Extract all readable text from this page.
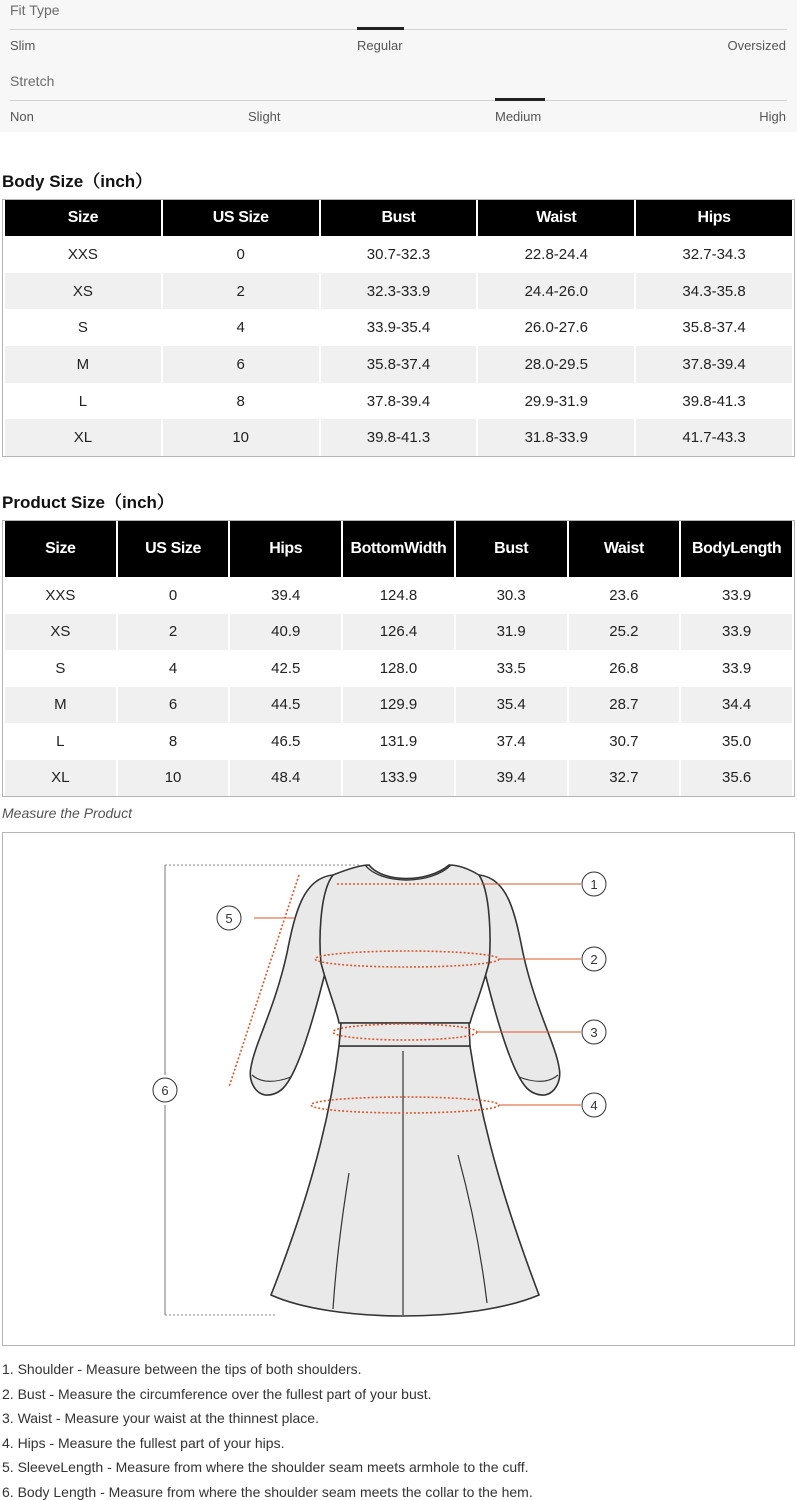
Fit Type
Slim	Regular	Oversized
Stretch
Non	Slight	Medium	High
Body Size（inch）
Size	US Size	Bust	Waist	Hips
XXS	0	30.7-32.3	22.8-24.4	32.7-34.3
XS	2	32.3-33.9	24.4-26.0	34.3-35.8
S	4	33.9-35.4	26.0-27.6	35.8-37.4
M	6	35.8-37.4	28.0-29.5	37.8-39.4
L	8	37.8-39.4	29.9-31.9	39.8-41.3
XL	10	39.8-41.3	31.8-33.9	41.7-43.3
Product Size（inch）
Size	US Size	Hips	BottomWidth	Bust	Waist	BodyLength
XXS	0	39.4	124.8	30.3	23.6	33.9
XS	2	40.9	126.4	31.9	25.2	33.9
S	4	42.5	128.0	33.5	26.8	33.9
M	6	44.5	129.9	35.4	28.7	34.4
L	8	46.5	131.9	37.4	30.7	35.0
XL	10	48.4	133.9	39.4	32.7	35.6
Measure the Product
1
2
3
4
5
6
1. Shoulder - Measure between the tips of both shoulders.
2. Bust - Measure the circumference over the fullest part of your bust.
3. Waist - Measure your waist at the thinnest place.
4. Hips - Measure the fullest part of your hips.
5. SleeveLength - Measure from where the shoulder seam meets armhole to the cuff.
6. Body Length - Measure from where the shoulder seam meets the collar to the hem.
